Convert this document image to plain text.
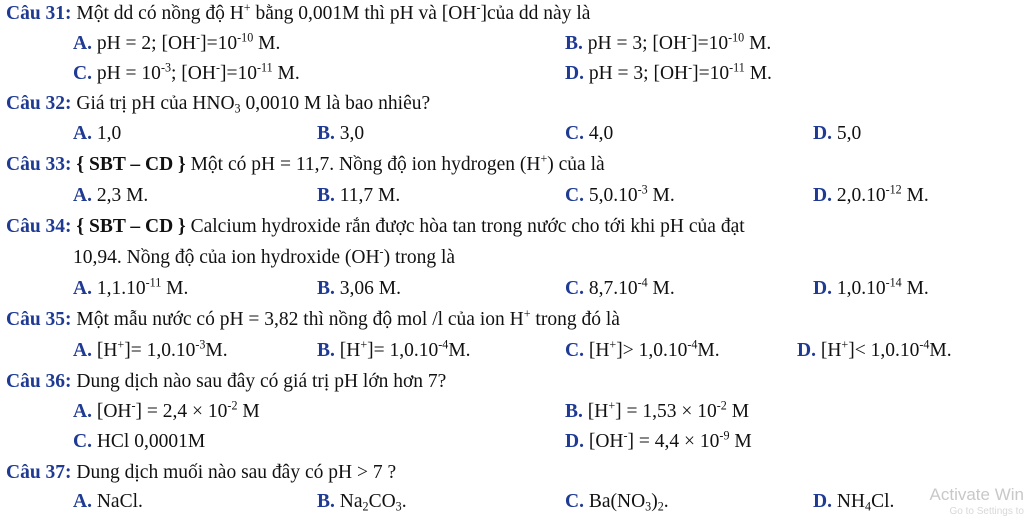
Câu 31: Một dd có nồng độ H+ bằng 0,001M thì pH và [OH-]của dd này là
A. pH = 2; $[OH^-]=10^{-10}$ M.	B. pH = 3; $[OH^-]=10^{-10}$ M.
C. pH = $10^{-3}$; $[OH^-]=10^{-11}$ M.	D. pH = 3; $[OH^-]=10^{-11}$ M.
Câu 32: Giá trị pH của $HNO_3$ 0,0010 M là bao nhiêu?
A. 1,0	B. 3,0	C. 4,0	D. 5,0
Câu 33: { SBT – CD } Một có pH = 11,7. Nồng độ ion hydrogen (H+) của là
A. 2,3 M.	B. 11,7 M.	C. $5,0.10^{-3}$ M.	D. $2,0.10^{-12}$ M.
Câu 34: { SBT – CD } Calcium hydroxide rắn được hòa tan trong nước cho tới khi pH của đạt
10,94. Nồng độ của ion hydroxide (OH-) trong là
A. $1,1.10^{-11}$ M.	B. 3,06 M.	C. $8,7.10^{-4}$ M.	D. $1,0.10^{-14}$ M.
Câu 35: Một mẫu nước có pH = 3,82 thì nồng độ mol /l của ion H+ trong đó là
A. $[H^+]= 1,0.10^{-3}M$.	B. $[H^+]= 1,0.10^{-4}M$.	C. $[H^+]> 1,0.10^{-4}M$.	D. $[H^+]< 1,0.10^{-4}M$.
Câu 36: Dung dịch nào sau đây có giá trị pH lớn hơn 7?
A. $[OH^-] = 2,4 \times 10^{-2}$ M	B. $[H^+] = 1,53 \times 10^{-2}$ M
C. HCl 0,0001M	D. $[OH^-] = 4,4 \times 10^{-9}$ M
Câu 37: Dung dịch muối nào sau đây có pH > 7 ?
A. NaCl.	B. $Na_2CO_3$.	C. $Ba(NO_3)_2$.	D. $NH_4Cl$. Activate Win
Go to Settings to
